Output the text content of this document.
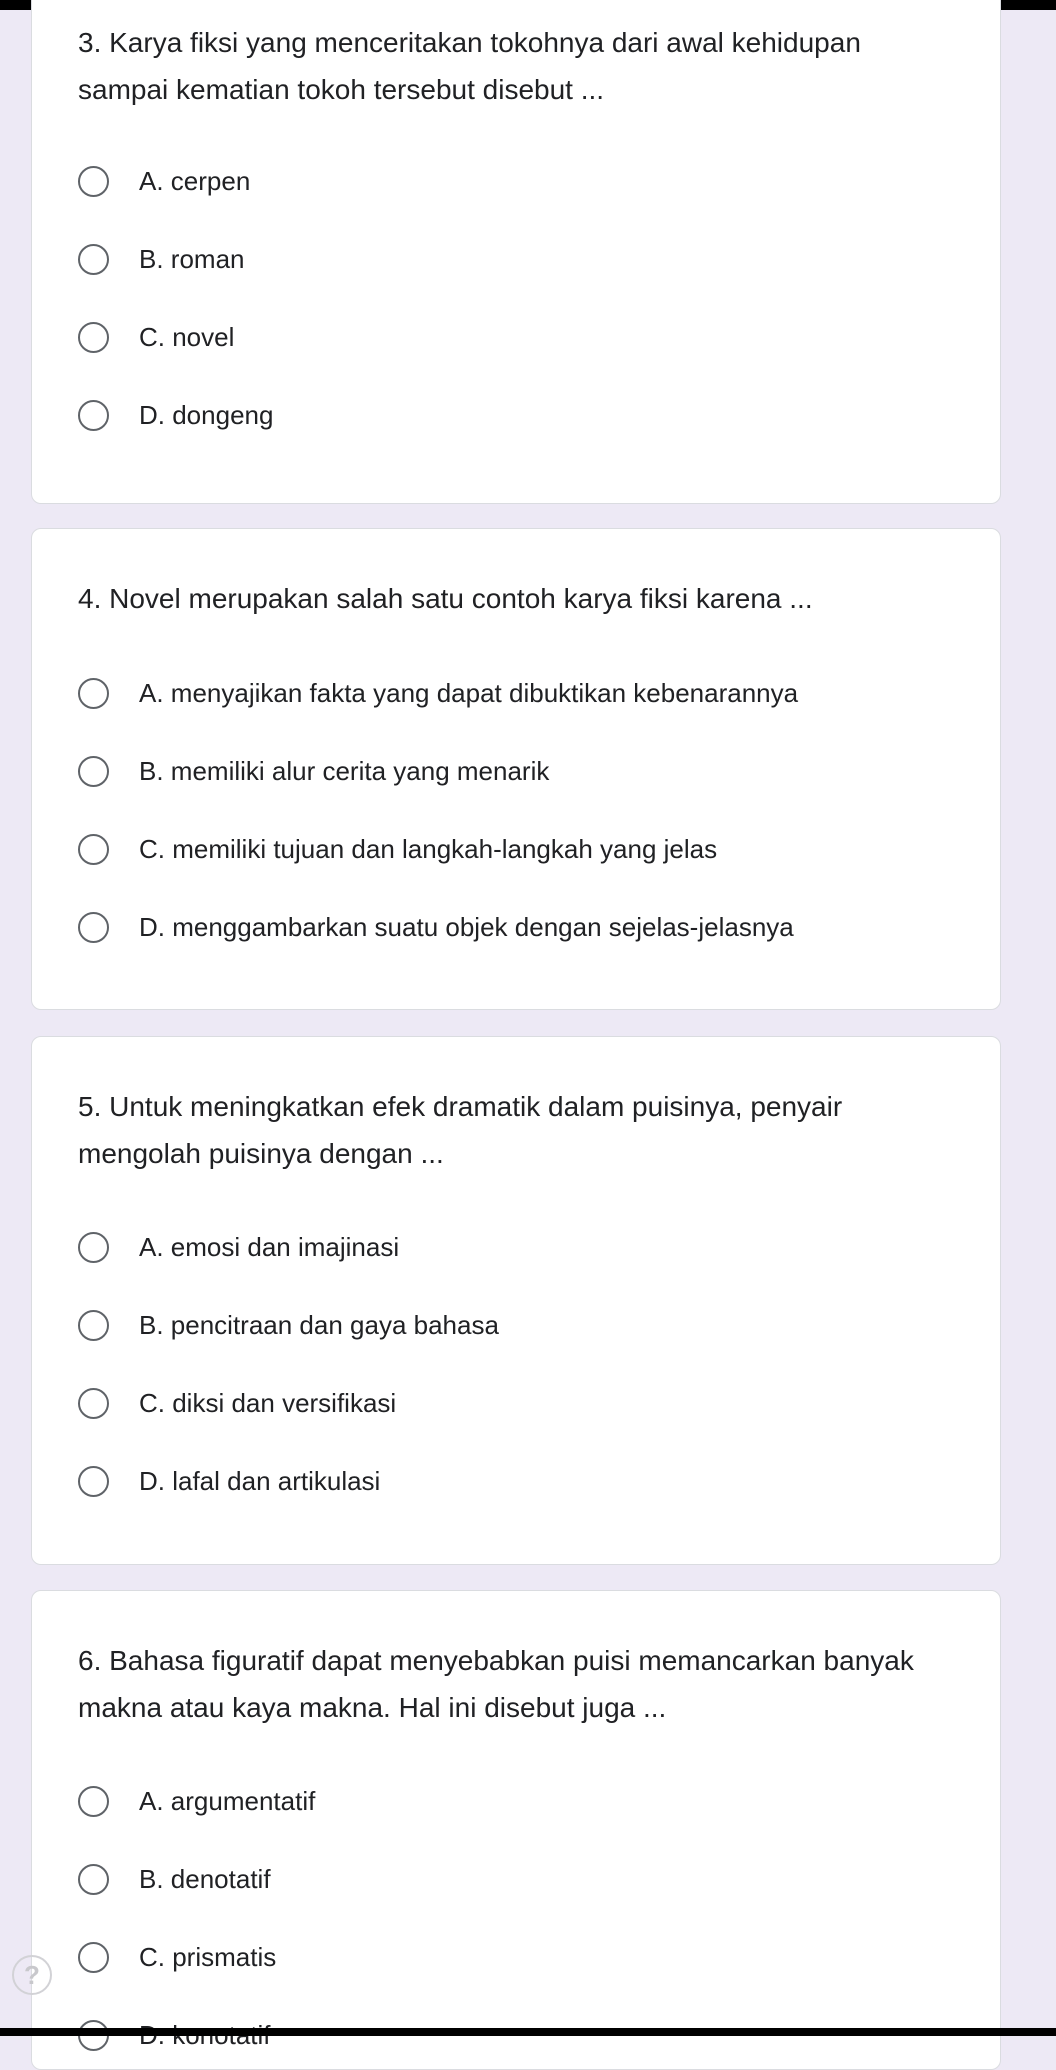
3. Karya fiksi yang menceritakan tokohnya dari awal kehidupan sampai kematian tokoh tersebut disebut ...
A. cerpen
B. roman
C. novel
D. dongeng
4. Novel merupakan salah satu contoh karya fiksi karena ...
A. menyajikan fakta yang dapat dibuktikan kebenarannya
B. memiliki alur cerita yang menarik
C. memiliki tujuan dan langkah-langkah yang jelas
D. menggambarkan suatu objek dengan sejelas-jelasnya
5. Untuk meningkatkan efek dramatik dalam puisinya, penyair mengolah puisinya dengan ...
A. emosi dan imajinasi
B. pencitraan dan gaya bahasa
C. diksi dan versifikasi
D. lafal dan artikulasi
6. Bahasa figuratif dapat menyebabkan puisi memancarkan banyak makna atau kaya makna. Hal ini disebut juga ...
A. argumentatif
B. denotatif
C. prismatis
?
